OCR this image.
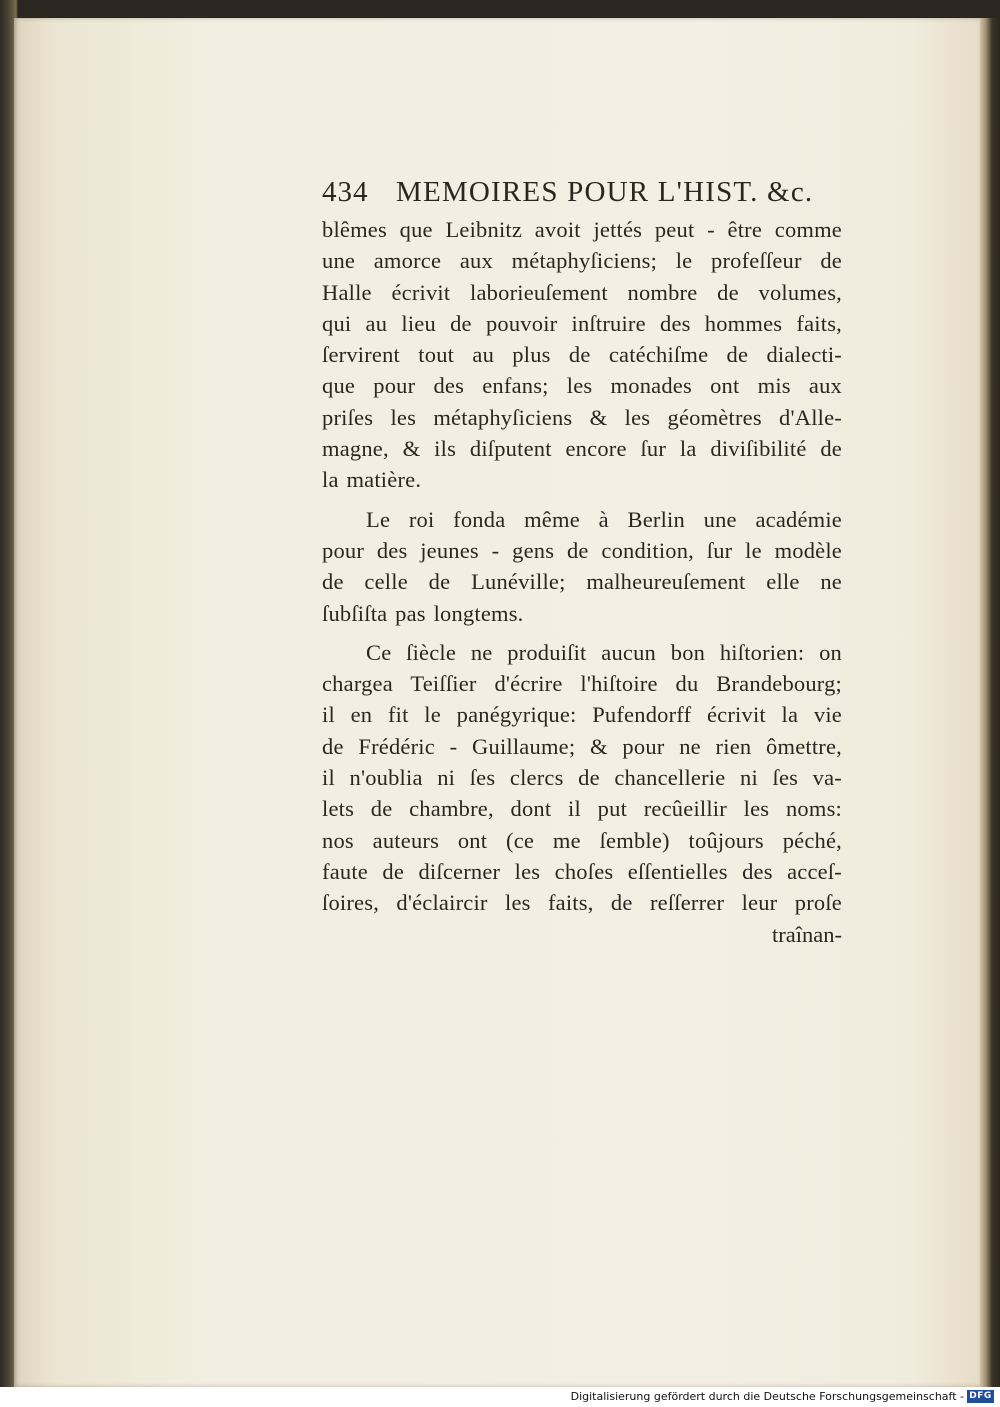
434 MEMOIRES POUR L'HIST. &c.
blêmes que Leibnitz avoit jettés peut - être comme
une amorce aux métaphyſiciens; le profeſſeur de
Halle écrivit laborieuſement nombre de volumes,
qui au lieu de pouvoir inſtruire des hommes faits,
ſervirent tout au plus de catéchiſme de dialecti-
que pour des enfans; les monades ont mis aux
priſes les métaphyſiciens & les géomètres d'Alle-
magne, & ils diſputent encore ſur la diviſibilité de
la matière.
Le roi fonda même à Berlin une académie
pour des jeunes - gens de condition, ſur le modèle
de celle de Lunéville; malheureuſement elle ne
ſubſiſta pas longtems.
Ce ſiècle ne produiſit aucun bon hiſtorien: on
chargea Teiſſier d'écrire l'hiſtoire du Brandebourg;
il en fit le panégyrique: Pufendorff écrivit la vie
de Frédéric - Guillaume; & pour ne rien ômettre,
il n'oublia ni ſes clercs de chancellerie ni ſes va-
lets de chambre, dont il put recûeillir les noms:
nos auteurs ont (ce me ſemble) toûjours péché,
faute de diſcerner les choſes eſſentielles des acceſ-
ſoires, d'éclaircir les faits, de reſſerrer leur proſe
traînan-
Digitalisierung gefördert durch die Deutsche Forschungsgemeinschaft - DFG
